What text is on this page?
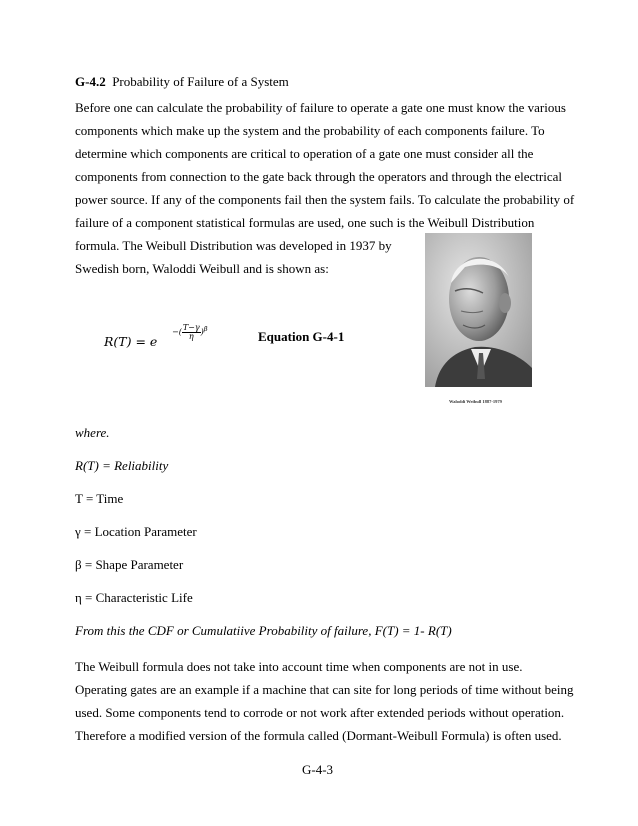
G-4.2 Probability of Failure of a System
Before one can calculate the probability of failure to operate a gate one must know the various
components which make up the system and the probability of each components failure. To
determine which components are critical to operation of a gate one must consider all the
components from connection to the gate back through the operators and through the electrical
power source. If any of the components fail then the system fails. To calculate the probability of
failure of a component statistical formulas are used, one such is the Weibull Distribution
formula. The Weibull Distribution was developed in 1937 by
Swedish born, Waloddi Weibull and is shown as:
Waloddi Weibull 1887-1979
R(T) = e
−( $\frac{T-\gamma}{\eta} )^\beta$
Equation G-4-1
where.
R(T) = Reliability
T = Time
γ = Location Parameter
β = Shape Parameter
η = Characteristic Life
From this the CDF or Cumulatiive Probability of failure, F(T) = 1- R(T)
The Weibull formula does not take into account time when components are not in use.
Operating gates are an example if a machine that can site for long periods of time without being
used. Some components tend to corrode or not work after extended periods without operation.
Therefore a modified version of the formula called (Dormant-Weibull Formula) is often used.
G-4-3
